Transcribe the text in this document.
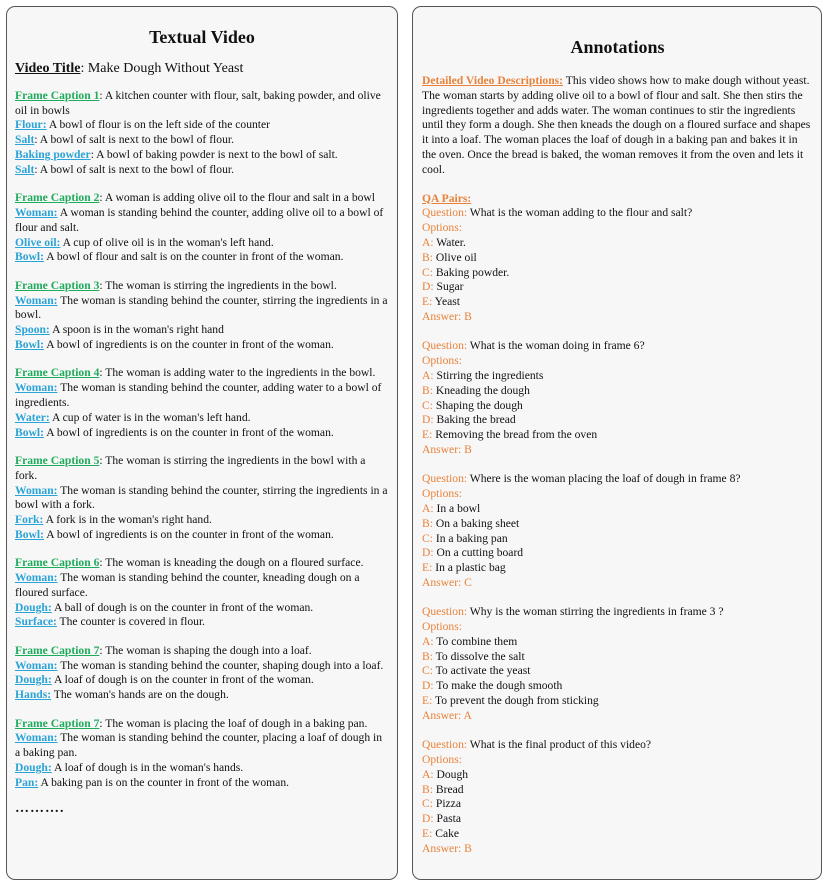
Textual Video
Video Title: Make Dough Without Yeast
Frame Caption 1: A kitchen counter with flour, salt, baking powder, and olive oil in bowls
Flour: A bowl of flour is on the left side of the counter
Salt: A bowl of salt is next to the bowl of flour.
Baking powder: A bowl of baking powder is next to the bowl of salt.
Salt: A bowl of salt is next to the bowl of flour.
Frame Caption 2: A woman is adding olive oil to the flour and salt in a bowl
Woman: A woman is standing behind the counter, adding olive oil to a bowl of flour and salt.
Olive oil: A cup of olive oil is in the woman's left hand.
Bowl: A bowl of flour and salt is on the counter in front of the woman.
Frame Caption 3: The woman is stirring the ingredients in the bowl.
Woman: The woman is standing behind the counter, stirring the ingredients in a bowl.
Spoon: A spoon is in the woman's right hand
Bowl: A bowl of ingredients is on the counter in front of the woman.
Frame Caption 4: The woman is adding water to the ingredients in the bowl.
Woman: The woman is standing behind the counter, adding water to a bowl of ingredients.
Water: A cup of water is in the woman's left hand.
Bowl: A bowl of ingredients is on the counter in front of the woman.
Frame Caption 5: The woman is stirring the ingredients in the bowl with a fork.
Woman: The woman is standing behind the counter, stirring the ingredients in a bowl with a fork.
Fork: A fork is in the woman's right hand.
Bowl: A bowl of ingredients is on the counter in front of the woman.
Frame Caption 6: The woman is kneading the dough on a floured surface.
Woman: The woman is standing behind the counter, kneading dough on a floured surface.
Dough: A ball of dough is on the counter in front of the woman.
Surface: The counter is covered in flour.
Frame Caption 7: The woman is shaping the dough into a loaf.
Woman: The woman is standing behind the counter, shaping dough into a loaf.
Dough: A loaf of dough is on the counter in front of the woman.
Hands: The woman's hands are on the dough.
Frame Caption 7: The woman is placing the loaf of dough in a baking pan.
Woman: The woman is standing behind the counter, placing a loaf of dough in a baking pan.
Dough: A loaf of dough is in the woman's hands.
Pan: A baking pan is on the counter in front of the woman.
……….
Annotations
Detailed Video Descriptions: This video shows how to make dough without yeast. The woman starts by adding olive oil to a bowl of flour and salt. She then stirs the ingredients together and adds water. The woman continues to stir the ingredients until they form a dough. She then kneads the dough on a floured surface and shapes it into a loaf. The woman places the loaf of dough in a baking pan and bakes it in the oven. Once the bread is baked, the woman removes it from the oven and lets it cool.
QA Pairs:
Question: What is the woman adding to the flour and salt?
Options:
A: Water.
B: Olive oil
C: Baking powder.
D: Sugar
E: Yeast
Answer: B
Question: What is the woman doing in frame 6?
Options:
A: Stirring the ingredients
B: Kneading the dough
C: Shaping the dough
D: Baking the bread
E: Removing the bread from the oven
Answer: B
Question: Where is the woman placing the loaf of dough in frame 8?
Options:
A: In a bowl
B: On a baking sheet
C: In a baking pan
D: On a cutting board
E: In a plastic bag
Answer: C
Question: Why is the woman stirring the ingredients in frame 3 ?
Options:
A: To combine them
B: To dissolve the salt
C: To activate the yeast
D: To make the dough smooth
E: To prevent the dough from sticking
Answer: A
Question: What is the final product of this video?
Options:
A: Dough
B: Bread
C: Pizza
D: Pasta
E: Cake
Answer: B
